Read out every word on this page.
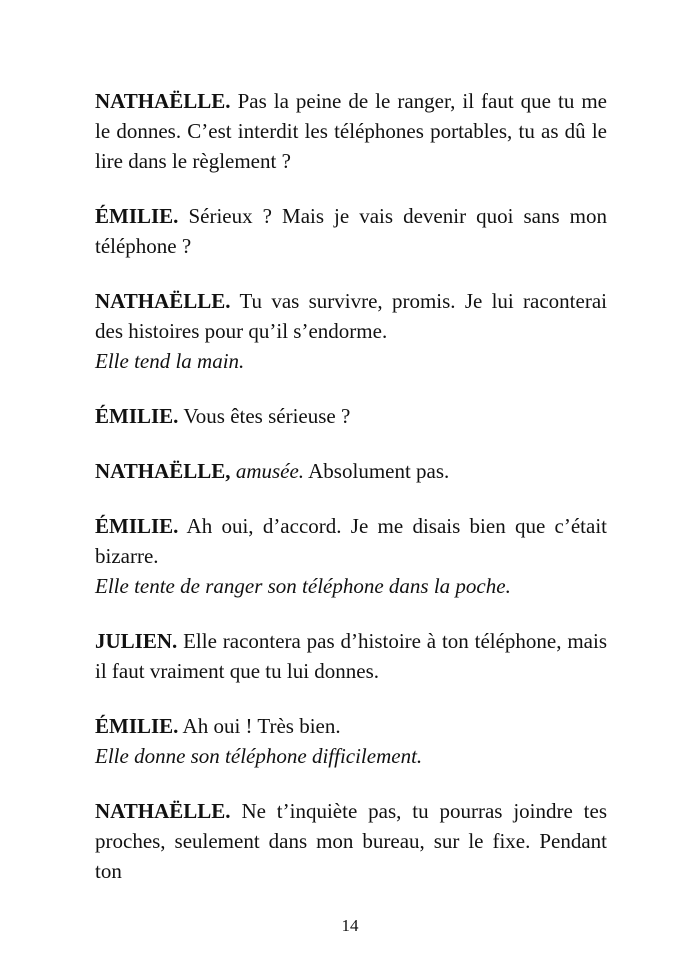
NATHAËLLE. Pas la peine de le ranger, il faut que tu me le donnes. C’est interdit les téléphones portables, tu as dû le lire dans le règlement ?

ÉMILIE. Sérieux ? Mais je vais devenir quoi sans mon téléphone ?

NATHAËLLE. Tu vas survivre, promis. Je lui raconterai des histoires pour qu’il s’endorme.
Elle tend la main.

ÉMILIE. Vous êtes sérieuse ?

NATHAËLLE, amusée. Absolument pas.

ÉMILIE. Ah oui, d’accord. Je me disais bien que c’était bizarre.
Elle tente de ranger son téléphone dans la poche.

JULIEN. Elle racontera pas d’histoire à ton téléphone, mais il faut vraiment que tu lui donnes.

ÉMILIE. Ah oui ! Très bien.
Elle donne son téléphone difficilement.

NATHAËLLE. Ne t’inquiète pas, tu pourras joindre tes proches, seulement dans mon bureau, sur le fixe. Pendant ton

14
